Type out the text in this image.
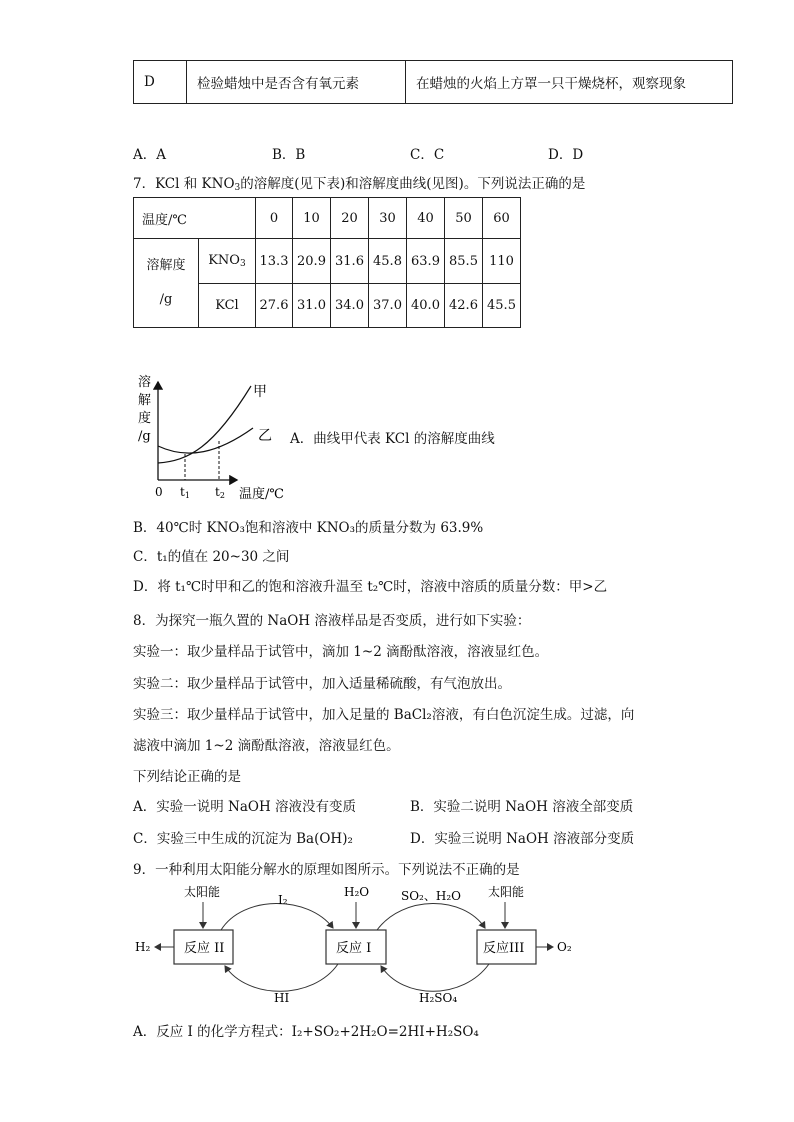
D	检验蜡烛中是否含有氧元素	在蜡烛的火焰上方罩一只干燥烧杯，观察现象
A．A	B．B	C．C	D．D
7．KCl 和 $KNO_3$的溶解度(见下表)和溶解度曲线(见图)。下列说法正确的是
温度/℃		0	10	20	30	40	50	60

溶解度
/g	$KNO_3$	13.3	20.9	31.6	45.8	63.9	85.5	110
	KCl	27.6	31.0	34.0	37.0	40.0	42.6	45.5
溶
解
度
/g
甲
乙
0 t1 t2 温度/℃
A．曲线甲代表 KCl 的溶解度曲线
B．40℃时 KNO₃饱和溶液中 KNO₃的质量分数为 63.9%
C．t₁的值在 20~30 之间
D．将 t₁℃时甲和乙的饱和溶液升温至 t₂℃时，溶液中溶质的质量分数：甲>乙
8．为探究一瓶久置的 NaOH 溶液样品是否变质，进行如下实验：
实验一：取少量样品于试管中，滴加 1~2 滴酚酞溶液，溶液显红色。
实验二：取少量样品于试管中，加入适量稀硫酸，有气泡放出。
实验三：取少量样品于试管中，加入足量的 BaCl₂溶液，有白色沉淀生成。过滤，向
滤液中滴加 1~2 滴酚酞溶液，溶液显红色。
下列结论正确的是
A．实验一说明 NaOH 溶液没有变质	B．实验二说明 NaOH 溶液全部变质
C．实验三中生成的沉淀为 Ba(OH)₂	D．实验三说明 NaOH 溶液部分变质
9．一种利用太阳能分解水的原理如图所示。下列说法不正确的是
反应 II	反应 I	反应III
太阳能	太阳能
H₂O
H₂	O₂
I₂
HI
SO₂、H₂O
H₂SO₄
A．反应 I 的化学方程式：I₂+SO₂+2H₂O=2HI+H₂SO₄
